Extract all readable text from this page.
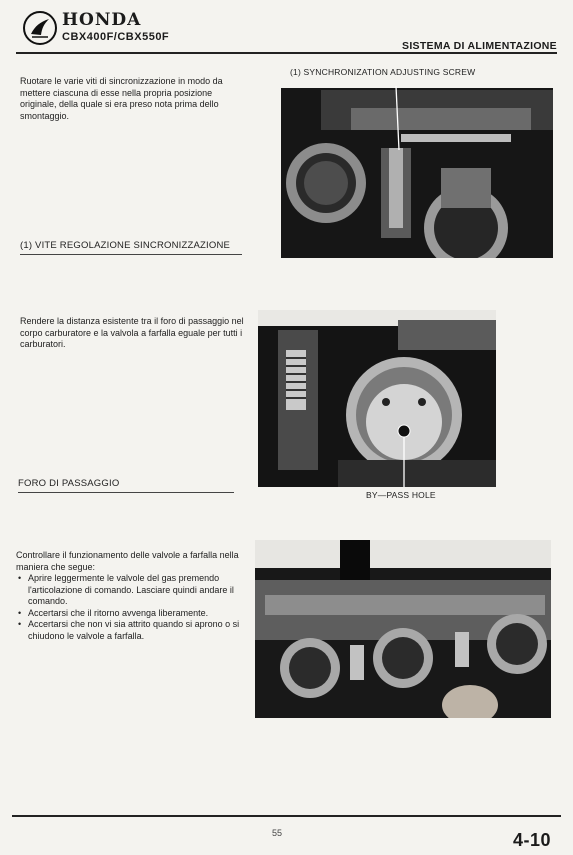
HONDA
CBX400F/CBX550F
SISTEMA DI ALIMENTAZIONE
Ruotare le varie viti di sincronizzazione in modo da mettere ciascuna di esse nella propria posizione originale, della quale si era preso nota prima dello smontaggio.
(1) VITE REGOLAZIONE SINCRONIZZAZIONE
(1) SYNCHRONIZATION ADJUSTING SCREW
Rendere la distanza esistente tra il foro di passaggio nel corpo carburatore e la valvola a farfalla eguale per tutti i carburatori.
FORO DI PASSAGGIO
BY—PASS HOLE
Controllare il funzionamento delle valvole a farfalla nella maniera che segue:
• Aprire leggermente le valvole del gas premendo l'articolazione di comando. Lasciare quindi andare il comando.
• Accertarsi che il ritorno avvenga liberamente.
• Accertarsi che non vi sia attrito quando si aprono o si chiudono le valvole a farfalla.
55	4-10
